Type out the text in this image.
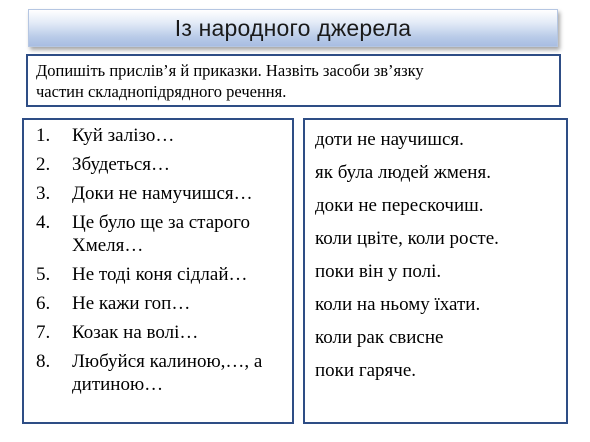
Із народного джерела
Допишіть прислів’я й приказки. Назвіть засоби зв’язку
частин складнопідрядного речення.
1.	Куй залізо…
2.	Збудеться…
3.	Доки не намучишся…
4.	Це було ще за старого Хмеля…
5.	Не тоді коня сідлай…
6.	Не кажи гоп…
7.	Козак на волі…
8.	Любуйся калиною,…, а дитиною…
доти не научишся.
як була людей жменя.
доки не перескочиш.
коли цвіте, коли росте.
поки він у полі.
коли на ньому їхати.
коли рак свисне
поки гаряче.
